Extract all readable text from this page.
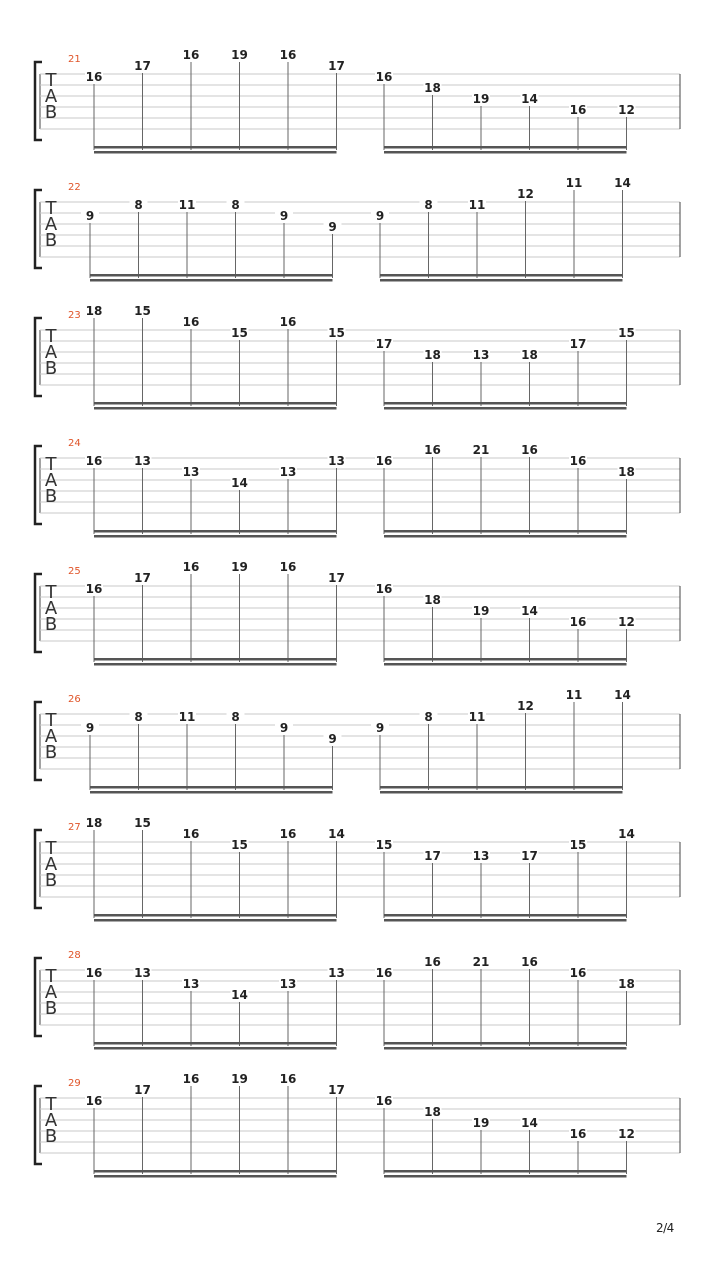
21
T
A
B
16
17
16	19	16
17
16
18
19	14
16	12
22
T
A
B
9
8	11	8
9
9
9
8	11
12
11	14
23
T
A
B
18	15
16
15
16
15
17
18	13	18
17
15
24
T
A
B
16	13
13
14
13
13	16
16	21	16
16
18
25
T
A
B
16
17
16	19	16
17
16
18
19	14
16	12
26
T
A
B
9
8	11	8
9
9
9
8	11
12
11	14
27
T
A
B
18	15
16
15
16	14
15
17	13	17
15
14
28
T
A
B
16	13
13
14
13
13	16
16	21	16
16
18
29
T
A
B
16
17
16	19	16
17
16
18
19	14
16	12
2/4
